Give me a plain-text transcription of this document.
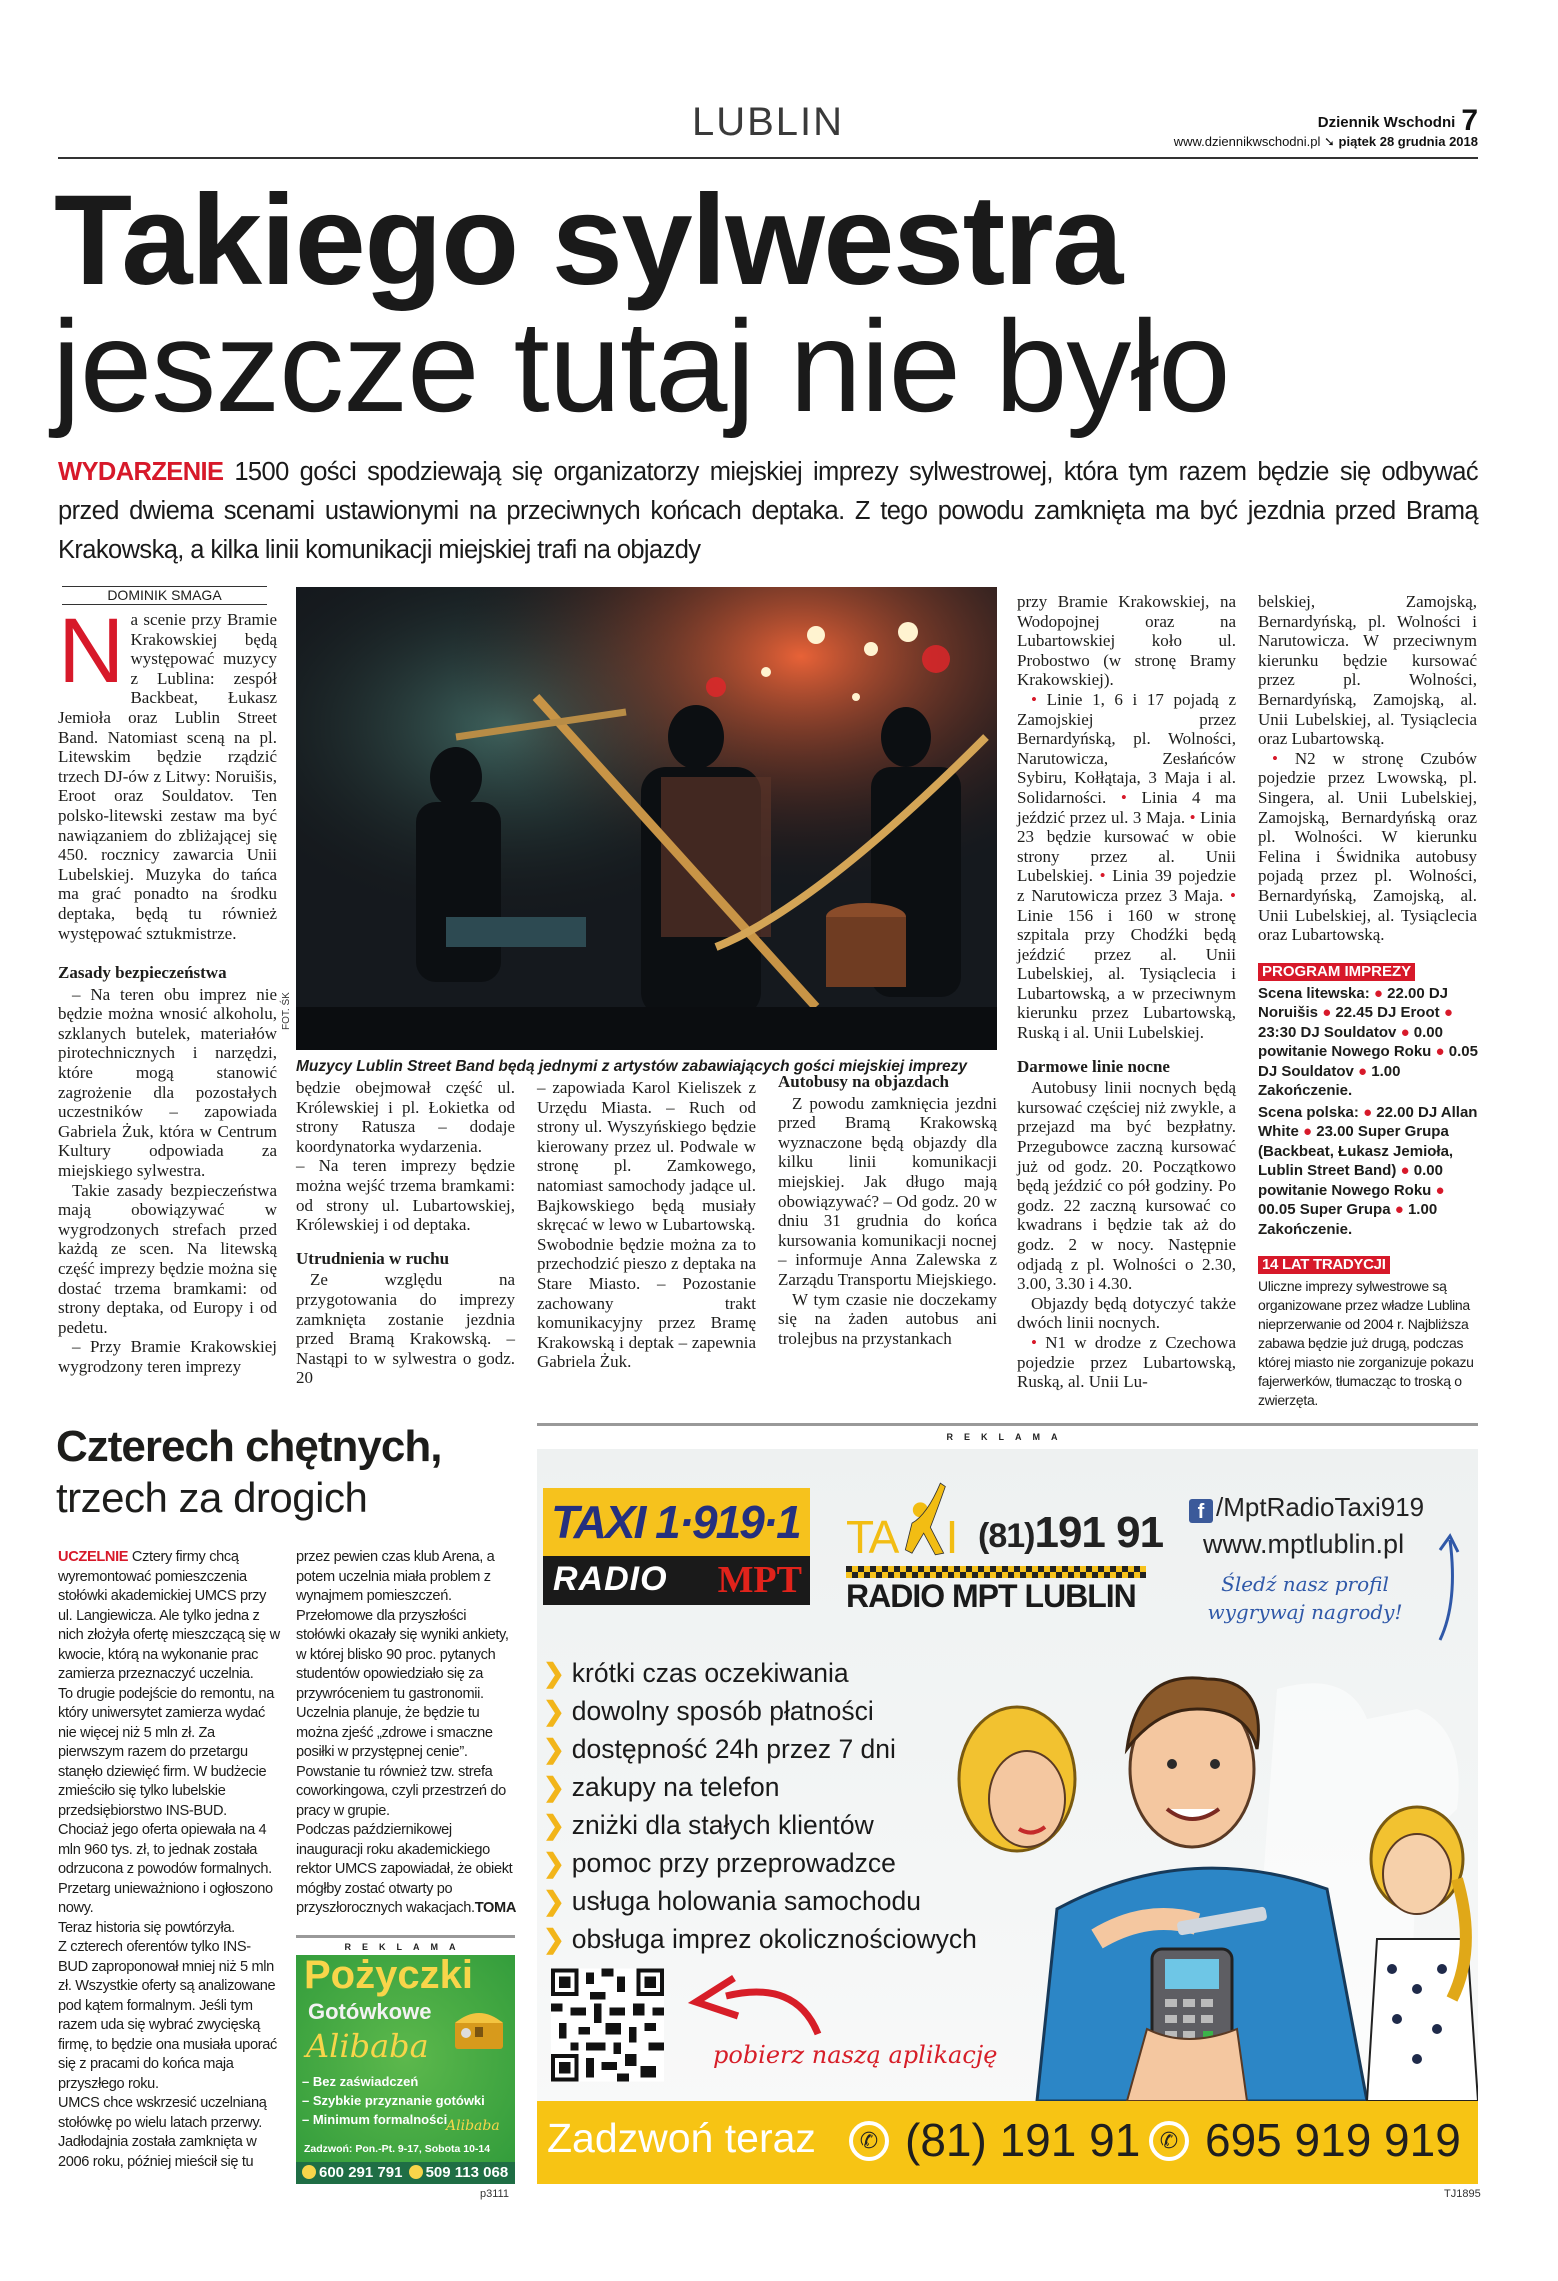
LUBLIN	Dziennik Wschodni 7
www.dziennikwschodni.pl ➘ piątek 28 grudnia 2018
Takiego sylwestra
jeszcze tutaj nie było
WYDARZENIE 1500 gości spodziewają się organizatorzy miejskiej imprezy sylwestrowej, która tym razem będzie się odbywać przed dwiema scenami ustawionymi na przeciwnych końcach deptaka. Z tego powodu zamknięta ma być jezdnia przed Bramą Krakowską, a kilka linii komunikacji miejskiej trafi na objazdy
DOMINIK SMAGA

Na scenie przy Bramie Krakowskiej będą występować muzycy z Lublina: zespół Backbeat, Łukasz Jemioła oraz Lublin Street Band. Natomiast sceną na pl. Litewskim będzie rządzić trzech DJ-ów z Litwy: Noruišis, Eroot oraz Souldatov. Ten polsko-litewski zestaw ma być nawiązaniem do zbliżającej się 450. rocznicy zawarcia Unii Lubelskiej. Muzyka do tańca ma grać ponadto na środku deptaka, będą tu również występować sztukmistrze.

Zasady bezpieczeństwa

– Na teren obu imprez nie będzie można wnosić alkoholu, szklanych butelek, materiałów pirotechnicznych i narzędzi, które mogą stanowić zagrożenie dla pozostałych uczestników – zapowiada Gabriela Żuk, która w Centrum Kultury odpowiada za miejskiego sylwestra.

Takie zasady bezpieczeństwa mają obowiązywać w wygrodzonych strefach przed każdą ze scen. Na litewską część imprezy będzie można się dostać trzema bramkami: od strony deptaka, od Europy i od pedetu.

– Przy Bramie Krakowskiej wygrodzony teren imprezy

FOT. ŚK
Muzycy Lublin Street Band będą jednymi z artystów zabawiających gości miejskiej imprezy

będzie obejmował część ul. Królewskiej i pl. Łokietka od strony Ratusza – dodaje koordynatorka wydarzenia.

– Na teren imprezy będzie można wejść trzema bramkami: od strony ul. Lubartowskiej, Królewskiej i od deptaka.

Utrudnienia w ruchu

Ze względu na przygotowania do imprezy zamknięta zostanie jezdnia przed Bramą Krakowską. – Nastąpi to w sylwestra o godz. 20

– zapowiada Karol Kieliszek z Urzędu Miasta. – Ruch od strony ul. Wyszyńskiego będzie kierowany przez ul. Podwale w stronę pl. Zamkowego, natomiast samochody jadące ul. Bajkowskiego będą musiały skręcać w lewo w Lubartowską.

Swobodnie będzie można za to przechodzić pieszo z deptaka na Stare Miasto. – Pozostanie zachowany trakt komunikacyjny przez Bramę Krakowską i deptak – zapewnia Gabriela Żuk.

Autobusy na objazdach

Z powodu zamknięcia jezdni przed Bramą Krakowską wyznaczone będą objazdy dla kilku linii komunikacji miejskiej. Jak długo mają obowiązywać? – Od godz. 20 w dniu 31 grudnia do końca kursowania komunikacji nocnej – informuje Anna Zalewska z Zarządu Transportu Miejskiego.

W tym czasie nie doczekamy się na żaden autobus ani trolejbus na przystankach

przy Bramie Krakowskiej, na Wodopojnej oraz na Lubartowskiej koło ul. Probostwo (w stronę Bramy Krakowskiej).

• Linie 1, 6 i 17 pojadą z Zamojskiej przez Bernardyńską, pl. Wolności, Narutowicza, Zesłańców Sybiru, Kołłątaja, 3 Maja i al. Solidarności. • Linia 4 ma jeździć przez ul. 3 Maja. • Linia 23 będzie kursować w obie strony przez al. Unii Lubelskiej. • Linia 39 pojedzie z Narutowicza przez 3 Maja. • Linie 156 i 160 w stronę szpitala przy Chodźki będą jeździć przez al. Unii Lubelskiej, al. Tysiąclecia i Lubartowską, a w przeciwnym kierunku przez Lubartowską, Ruską i al. Unii Lubelskiej.

Darmowe linie nocne

Autobusy linii nocnych będą kursować częściej niż zwykle, a przejazd ma być bezpłatny. Przegubowce zaczną kursować już od godz. 20. Początkowo będą jeździć co pół godziny. Po godz. 22 zaczną kursować co kwadrans i będzie tak aż do godz. 2 w nocy. Następnie odjadą z pl. Wolności o 2.30, 3.00, 3.30 i 4.30.

Objazdy będą dotyczyć także dwóch linii nocnych.

• N1 w drodze z Czechowa pojedzie przez Lubartowską, Ruską, al. Unii Lu-

belskiej, Zamojską, Bernardyńską, pl. Wolności i Narutowicza. W przeciwnym kierunku będzie kursować przez pl. Wolności, Bernardyńską, Zamojską, al. Unii Lubelskiej, al. Tysiąclecia oraz Lubartowską.

• N2 w stronę Czubów pojedzie przez Lwowską, pl. Singera, al. Unii Lubelskiej, Zamojską, Bernardyńską oraz pl. Wolności. W kierunku Felina i Świdnika autobusy pojadą przez pl. Wolności, Bernardyńską, Zamojską, al. Unii Lubelskiej, al. Tysiąclecia oraz Lubartowską.

PROGRAM IMPREZY
Scena litewska: ● 22.00 DJ Noruišis ● 22.45 DJ Eroot ● 23:30 DJ Souldatov ● 0.00 powitanie Nowego Roku ● 0.05 DJ Souldatov ● 1.00 Zakończenie.
Scena polska: ● 22.00 DJ Allan White ● 23.00 Super Grupa (Backbeat, Łukasz Jemioła, Lublin Street Band) ● 0.00 powitanie Nowego Roku ● 00.05 Super Grupa ● 1.00 Zakończenie.
14 LAT TRADYCJI

Uliczne imprezy sylwestrowe są organizowane przez władze Lublina nieprzerwanie od 2004 r. Najbliższa zabawa będzie już drugą, podczas której miasto nie zorganizuje pokazu fajerwerków, tłumacząc to troską o zwierzęta.

Czterech chętnych,
trzech za drogich

UCZELNIE Cztery firmy chcą wyremontować pomieszczenia stołówki akademickiej UMCS przy ul. Langiewicza. Ale tylko jedna z nich złożyła ofertę mieszczącą się w kwocie, którą na wykonanie prac zamierza przeznaczyć uczelnia.

To drugie podejście do remontu, na który uniwersytet zamierza wydać nie więcej niż 5 mln zł. Za pierwszym razem do przetargu stanęło dziewięć firm. W budżecie zmieściło się tylko lubelskie przedsiębiorstwo INS-BUD.

Chociaż jego oferta opiewała na 4 mln 960 tys. zł, to jednak została odrzucona z powodów formalnych. Przetarg unieważniono i ogłoszono nowy.

Teraz historia się powtórzyła.

Z czterech oferentów tylko INS-BUD zaproponował mniej niż 5 mln zł. Wszystkie oferty są analizowane pod kątem formalnym. Jeśli tym razem uda się wybrać zwycięską firmę, to będzie ona musiała uporać się z pracami do końca maja przyszłego roku.

UMCS chce wskrzesić uczelnianą stołówkę po wielu latach przerwy. Jadłodajnia została zamknięta w 2006 roku, później mieścił się tu

przez pewien czas klub Arena, a potem uczelnia miała problem z wynajmem pomieszczeń.

Przełomowe dla przyszłości stołówki okazały się wyniki ankiety, w której blisko 90 proc. pytanych studentów opowiedziało się za przywróceniem tu gastronomii.

Uczelnia planuje, że będzie tu można zjeść „zdrowe i smaczne posiłki w przystępnej cenie”.

Powstanie tu również tzw. strefa coworkingowa, czyli przestrzeń do pracy w grupie.

Podczas październikowej inauguracji roku akademickiego rektor UMCS zapowiadał, że obiekt mógłby zostać otwarty po przyszłorocznych wakacjach.TOMA

REKLAMA
Pożyczki
Gotówkowe
Alibaba
– Bez zaświadczeń
– Szybkie przyznanie gotówki
– Minimum formalności
Alibaba
Zadzwoń: Pon.-Pt. 9-17, Sobota 10-14
600 291 791 509 113 068
p3111
REKLAMA
TAXI 1·919·1
RADIO MPT
TA I (81)191 91
RADIO MPT LUBLIN
f /MptRadioTaxi919
www.mptlublin.pl
Śledź nasz profil
wygrywaj nagrody!
❯ krótki czas oczekiwania
❯ dowolny sposób płatności
❯ dostępność 24h przez 7 dni
❯ zakupy na telefon
❯ zniżki dla stałych klientów
❯ pomoc przy przeprowadzce
❯ usługa holowania samochodu
❯ obsługa imprez okolicznościowych
pobierz naszą aplikację
Zadzwoń teraz	✆ (81) 191 91 ✆ 695 919 919
TJ1895
